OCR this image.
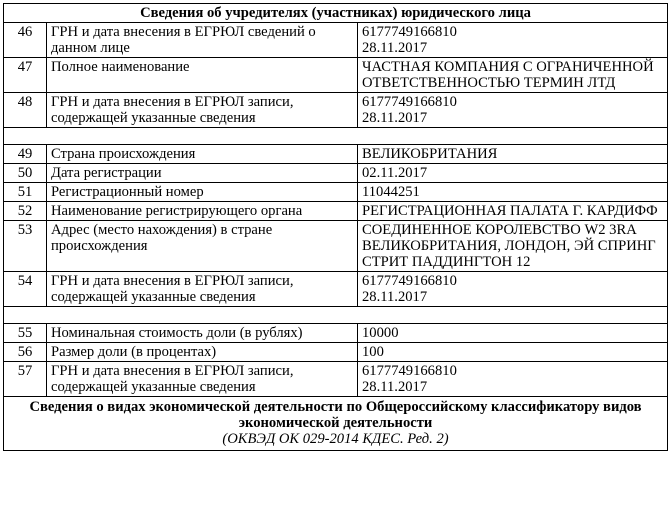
Сведения об учредителях (участниках) юридического лица		
46	ГРН и дата внесения в ЕГРЮЛ сведений о данном лице	6177749166810
28.11.2017

47	Полное наименование	ЧАСТНАЯ КОМПАНИЯ С ОГРАНИЧЕННОЙ ОТВЕТСТВЕННОСТЬЮ ТЕРМИН ЛТД
48	ГРН и дата внесения в ЕГРЮЛ записи, содержащей указанные сведения	6177749166810
28.11.2017

49	Страна происхождения	ВЕЛИКОБРИТАНИЯ
50	Дата регистрации	02.11.2017
51	Регистрационный номер	11044251
52	Наименование регистрирующего органа	РЕГИСТРАЦИОННАЯ ПАЛАТА Г. КАРДИФФ
53	Адрес (место нахождения) в стране происхождения	СОЕДИНЕННОЕ КОРОЛЕВСТВО W2 3RA ВЕЛИКОБРИТАНИЯ, ЛОНДОН, ЭЙ СПРИНГ СТРИТ ПАДДИНГТОН 12
54	ГРН и дата внесения в ЕГРЮЛ записи, содержащей указанные сведения	6177749166810
28.11.2017

55	Номинальная стоимость доли (в рублях)	10000
56	Размер доли (в процентах)	100
57	ГРН и дата внесения в ЕГРЮЛ записи, содержащей указанные сведения	6177749166810
28.11.2017

Сведения о видах экономической деятельности по Общероссийскому классификатору видов экономической деятельности
(ОКВЭД ОК 029-2014 КДЕС. Ред. 2)		
